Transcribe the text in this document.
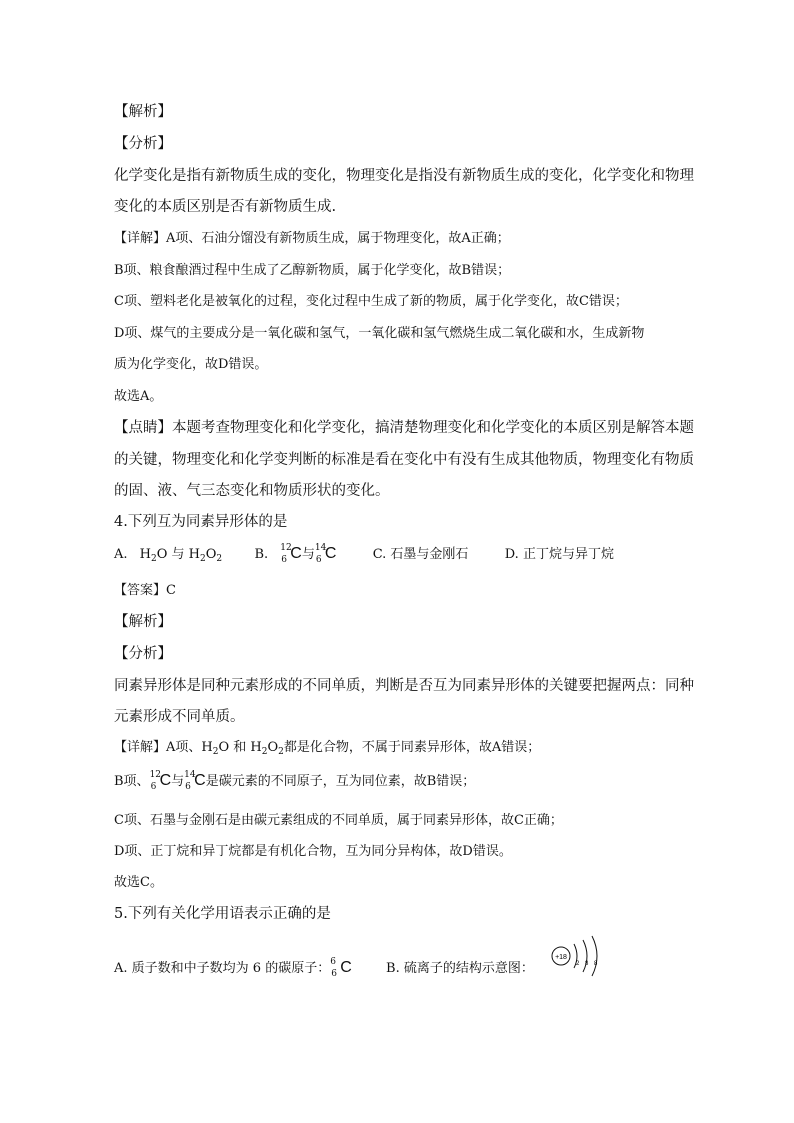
【解析】
【分析】
化学变化是指有新物质生成的变化，物理变化是指没有新物质生成的变化，化学变化和物理
变化的本质区别是否有新物质生成.
【详解】A项、石油分馏没有新物质生成，属于物理变化，故A正确；
B项、粮食酿酒过程中生成了乙醇新物质，属于化学变化，故B错误；
C项、塑料老化是被氧化的过程，变化过程中生成了新的物质，属于化学变化，故C错误；
D项、煤气的主要成分是一氧化碳和氢气，一氧化碳和氢气燃烧生成二氧化碳和水，生成新物
质为化学变化，故D错误。
故选A。
【点睛】本题考查物理变化和化学变化，搞清楚物理变化和化学变化的本质区别是解答本题
的关键，物理变化和化学变判断的标准是看在变化中有没有生成其他物质，物理变化有物质
的固、液、气三态变化和物质形状的变化。
4.下列互为同素异形体的是
A. $H_2O$ 与 $H_2O_2$ B. 12
6 C与 14
6 C	C. 石墨与金刚石	D. 正丁烷与异丁烷
【答案】C
【解析】
【分析】
同素异形体是同种元素形成的不同单质，判断是否互为同素异形体的关键要把握两点：同种
元素形成不同单质。
【详解】A项、$H_2O$ 和 $H_2O_2$都是化合物，不属于同素异形体，故A错误；
B项、 12
6 C与 14
6 C是碳元素的不同原子，互为同位素，故B错误；
C项、石墨与金刚石是由碳元素组成的不同单质，属于同素异形体，故C正确；
D项、正丁烷和异丁烷都是有机化合物，互为同分异构体，故D错误。
故选C。
5.下列有关化学用语表示正确的是
A. 质子数和中子数均为 6 的碳原子： 6
6 C	B. 硫离子的结构示意图：
+18
2 8 8
